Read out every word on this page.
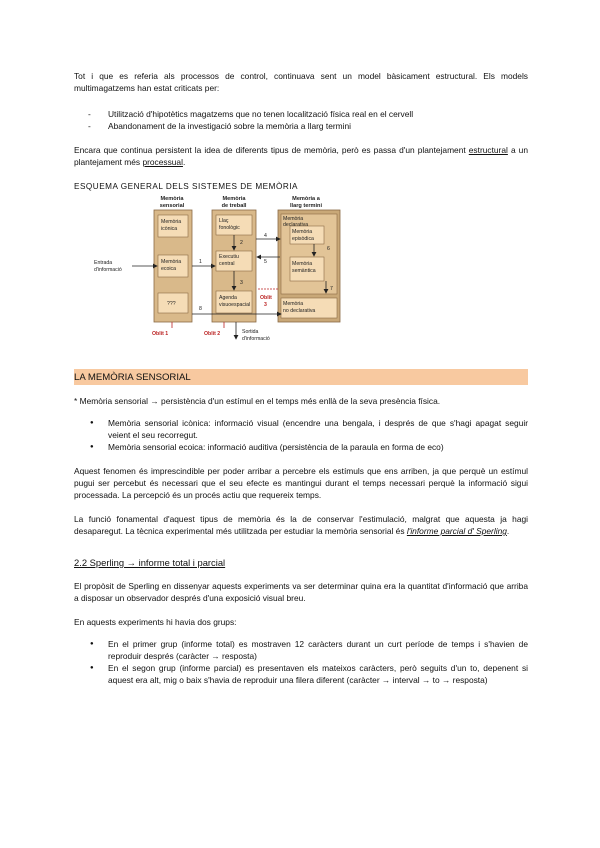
Tot i que es referia als processos de control, continuava sent un model bàsicament estructural. Els models multimagatzems han estat criticats per:

- Utilització d'hipotètics magatzems que no tenen localització física real en el cervell
- Abandonament de la investigació sobre la memòria a llarg termini

Encara que continua persistent la idea de diferents tipus de memòria, però es passa d'un plantejament estructural a un plantejament més processual.

ESQUEMA GENERAL DELS SISTEMES DE MEMÒRIA
Memòria
sensorial
Memòria
de treball
Memòria a
llarg termini
Memòria
icònica
Memòria
ecoica
???
Llaç
fonològic
Executiu
central
Agenda
visuoespacial
Memòria
declarativa
Memòria
episòdica
Memòria
semàntica
Memòria
no declarativa
Entrada
d'informació
Sortida
d'informació
Oblit 1	Oblit 2
Oblit
3
1
2
3
4
5
6
7
8
LA MEMÒRIA SENSORIAL

* Memòria sensorial → persistència d'un estímul en el temps més enllà de la seva presència física.

● Memòria sensorial icònica: informació visual (encendre una bengala, i després de que s'hagi apagat seguir veient el seu recorregut.
● Memòria sensorial ecoica: informació auditiva (persistència de la paraula en forma de eco)

Aquest fenomen és imprescindible per poder arribar a percebre els estímuls que ens arriben, ja que perquè un estímul pugui ser percebut és necessari que el seu efecte es mantingui durant el temps necessari perquè la informació sigui processada. La percepció és un procés actiu que requereix temps.

La funció fonamental d'aquest tipus de memòria és la de conservar l'estimulació, malgrat que aquesta ja hagi desaparegut. La tècnica experimental més utilitzada per estudiar la memòria sensorial és l'informe parcial d' Sperling.

2.2 Sperling → informe total i parcial

El propòsit de Sperling en dissenyar aquests experiments va ser determinar quina era la quantitat d'informació que arriba a disposar un observador després d'una exposició visual breu.

En aquests experiments hi havia dos grups:

● En el primer grup (informe total) es mostraven 12 caràcters durant un curt període de temps i s'havien de reproduir després (caràcter → resposta)
● En el segon grup (informe parcial) es presentaven els mateixos caràcters, però seguits d'un to, depenent si aquest era alt, mig o baix s'havia de reproduir una filera diferent (caràcter → interval → to → resposta)
